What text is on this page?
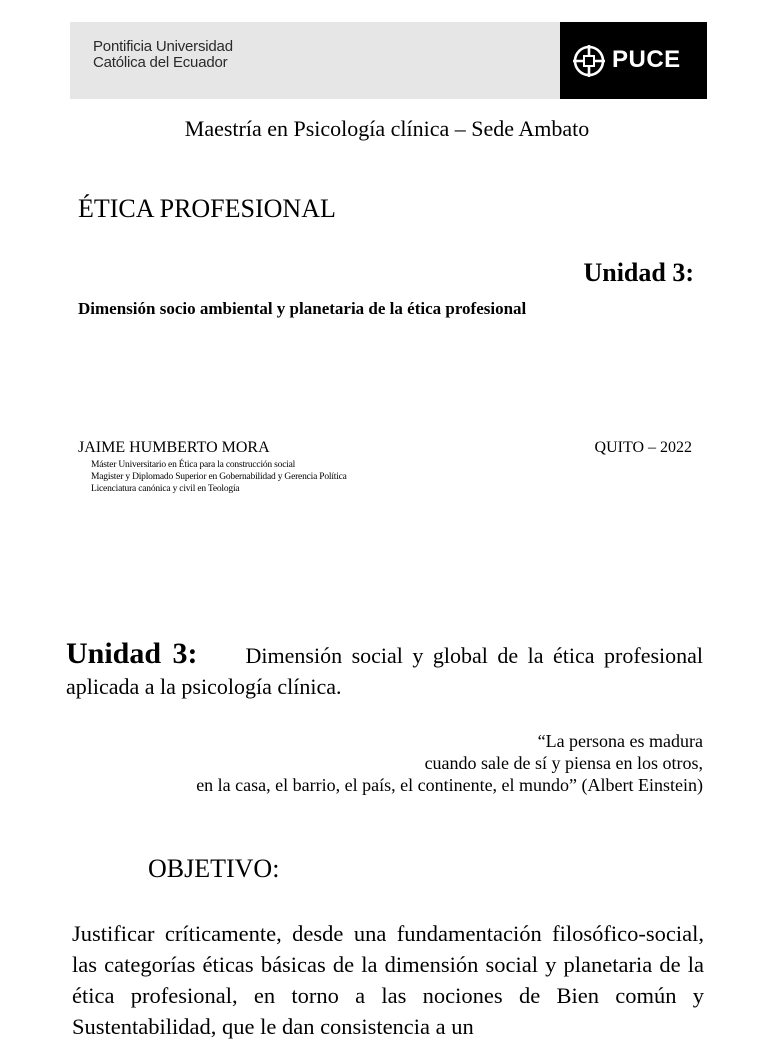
Pontificia Universidad
Católica del Ecuador	PUCE
Maestría en Psicología clínica – Sede Ambato
ÉTICA PROFESIONAL
Unidad 3:
Dimensión socio ambiental y planetaria de la ética profesional
JAIME HUMBERTO MORA	QUITO – 2022
Máster Universitario en Ética para la construcción social
Magister y Diplomado Superior en Gobernabilidad y Gerencia Política
Licenciatura canónica y civil en Teología
Unidad 3: Dimensión social y global de la ética profesional aplicada a la psicología clínica.
“La persona es madura
cuando sale de sí y piensa en los otros,
en la casa, el barrio, el país, el continente, el mundo” (Albert Einstein)
OBJETIVO:
Justificar críticamente, desde una fundamentación filosófico-social, las categorías éticas básicas de la dimensión social y planetaria de la ética profesional, en torno a las nociones de Bien común y Sustentabilidad, que le dan consistencia a un
